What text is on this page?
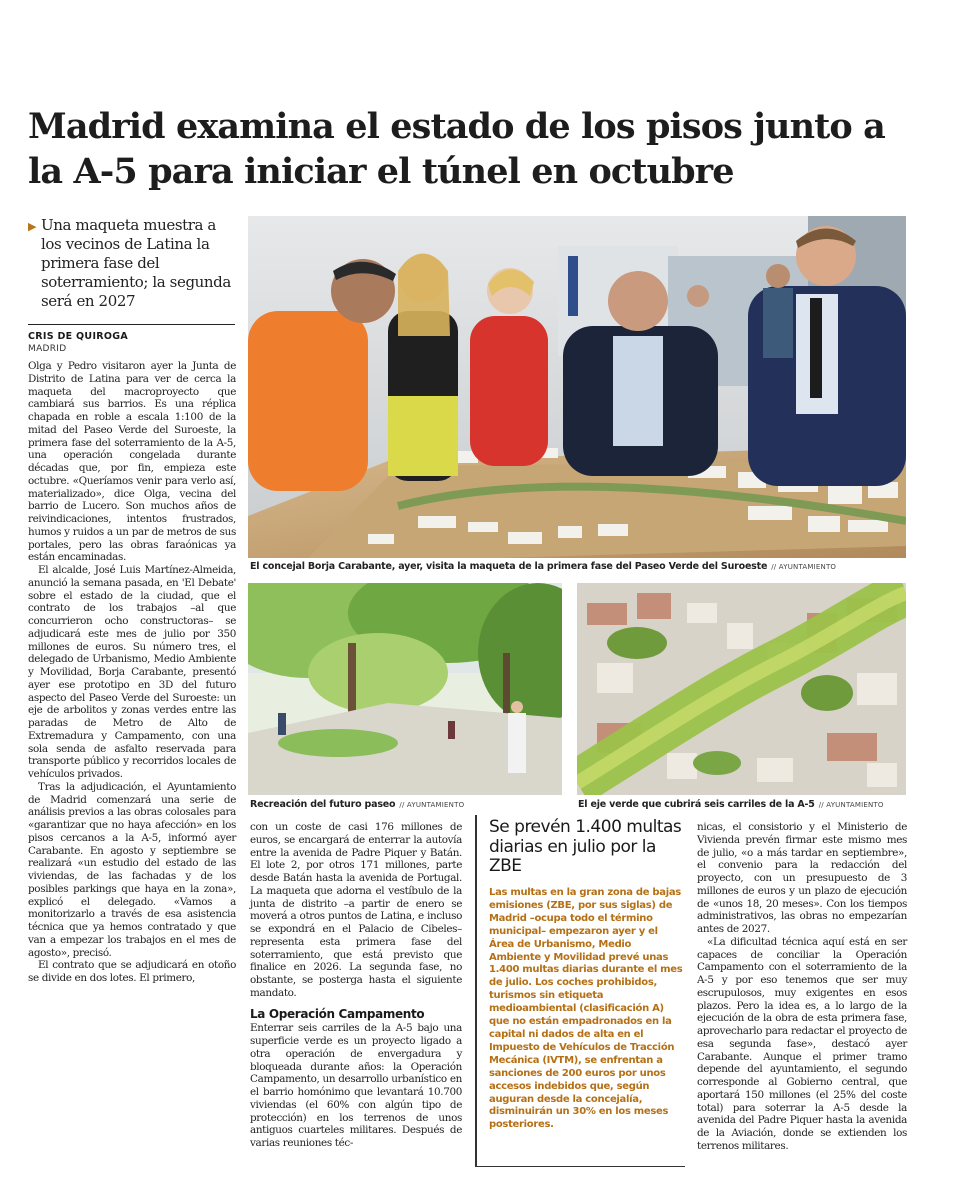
Madrid examina el estado de los pisos junto a la A-5 para iniciar el túnel en octubre
▶ Una maqueta muestra a los vecinos de Latina la primera fase del soterramiento; la segunda será en 2027
CRIS DE QUIROGA
MADRID

Olga y Pedro visitaron ayer la Junta de Distrito de Latina para ver de cerca la maqueta del macroproyecto que cambiará sus barrios. Es una réplica chapada en roble a escala 1:100 de la mitad del Paseo Verde del Suroeste, la primera fase del soterramiento de la A-5, una operación congelada durante décadas que, por fin, empieza este octubre. «Queríamos venir para verlo así, materializado», dice Olga, vecina del barrio de Lucero. Son muchos años de reivindicaciones, intentos frustrados, humos y ruidos a un par de metros de sus portales, pero las obras faraónicas ya están encaminadas.

El alcalde, José Luis Martínez-Almeida, anunció la semana pasada, en 'El Debate' sobre el estado de la ciudad, que el contrato de los trabajos –al que concurrieron ocho constructoras– se adjudicará este mes de julio por 350 millones de euros. Su número tres, el delegado de Urbanismo, Medio Ambiente y Movilidad, Borja Carabante, presentó ayer ese prototipo en 3D del futuro aspecto del Paseo Verde del Suroeste: un eje de arbolitos y zonas verdes entre las paradas de Metro de Alto de Extremadura y Campamento, con una sola senda de asfalto reservada para transporte público y recorridos locales de vehículos privados.

Tras la adjudicación, el Ayuntamiento de Madrid comenzará una serie de análisis previos a las obras colosales para «garantizar que no haya afección» en los pisos cercanos a la A-5, informó ayer Carabante. En agosto y septiembre se realizará «un estudio del estado de las viviendas, de las fachadas y de los posibles parkings que haya en la zona», explicó el delegado. «Vamos a monitorizarlo a través de esa asistencia técnica que ya hemos contratado y que van a empezar los trabajos en el mes de agosto», precisó.

El contrato que se adjudicará en otoño se divide en dos lotes. El primero,

El concejal Borja Carabante, ayer, visita la maqueta de la primera fase del Paseo Verde del Suroeste // AYUNTAMIENTO
Recreación del futuro paseo // AYUNTAMIENTO	El eje verde que cubrirá seis carriles de la A-5 // AYUNTAMIENTO

con un coste de casi 176 millones de euros, se encargará de enterrar la autovía entre la avenida de Padre Piquer y Batán. El lote 2, por otros 171 millones, parte desde Batán hasta la avenida de Portugal. La maqueta que adorna el vestíbulo de la junta de distrito –a partir de enero se moverá a otros puntos de Latina, e incluso se expondrá en el Palacio de Cibeles– representa esta primera fase del soterramiento, que está previsto que finalice en 2026. La segunda fase, no obstante, se posterga hasta el siguiente mandato.

La Operación Campamento

Enterrar seis carriles de la A-5 bajo una superficie verde es un proyecto ligado a otra operación de envergadura y bloqueada durante años: la Operación Campamento, un desarrollo urbanístico en el barrio homónimo que levantará 10.700 viviendas (el 60% con algún tipo de protección) en los terrenos de unos antiguos cuarteles militares. Después de varias reuniones téc-

Se prevén 1.400 multas diarias en julio por la ZBE
Las multas en la gran zona de bajas emisiones (ZBE, por sus siglas) de Madrid –ocupa todo el término municipal– empezaron ayer y el Área de Urbanismo, Medio Ambiente y Movilidad prevé unas 1.400 multas diarias durante el mes de julio. Los coches prohibidos, turismos sin etiqueta medioambiental (clasificación A) que no están empadronados en la capital ni dados de alta en el Impuesto de Vehículos de Tracción Mecánica (IVTM), se enfrentan a sanciones de 200 euros por unos accesos indebidos que, según auguran desde la concejalía, disminuirán un 30% en los meses posteriores.

nicas, el consistorio y el Ministerio de Vivienda prevén firmar este mismo mes de julio, «o a más tardar en septiembre», el convenio para la redacción del proyecto, con un presupuesto de 3 millones de euros y un plazo de ejecución de «unos 18, 20 meses». Con los tiempos administrativos, las obras no empezarían antes de 2027.

«La dificultad técnica aquí está en ser capaces de conciliar la Operación Campamento con el soterramiento de la A-5 y por eso tenemos que ser muy escrupulosos, muy exigentes en esos plazos. Pero la idea es, a lo largo de la ejecución de la obra de esta primera fase, aprovecharlo para redactar el proyecto de esa segunda fase», destacó ayer Carabante. Aunque el primer tramo depende del ayuntamiento, el segundo corresponde al Gobierno central, que aportará 150 millones (el 25% del coste total) para soterrar la A-5 desde la avenida del Padre Piquer hasta la avenida de la Aviación, donde se extienden los terrenos militares.
